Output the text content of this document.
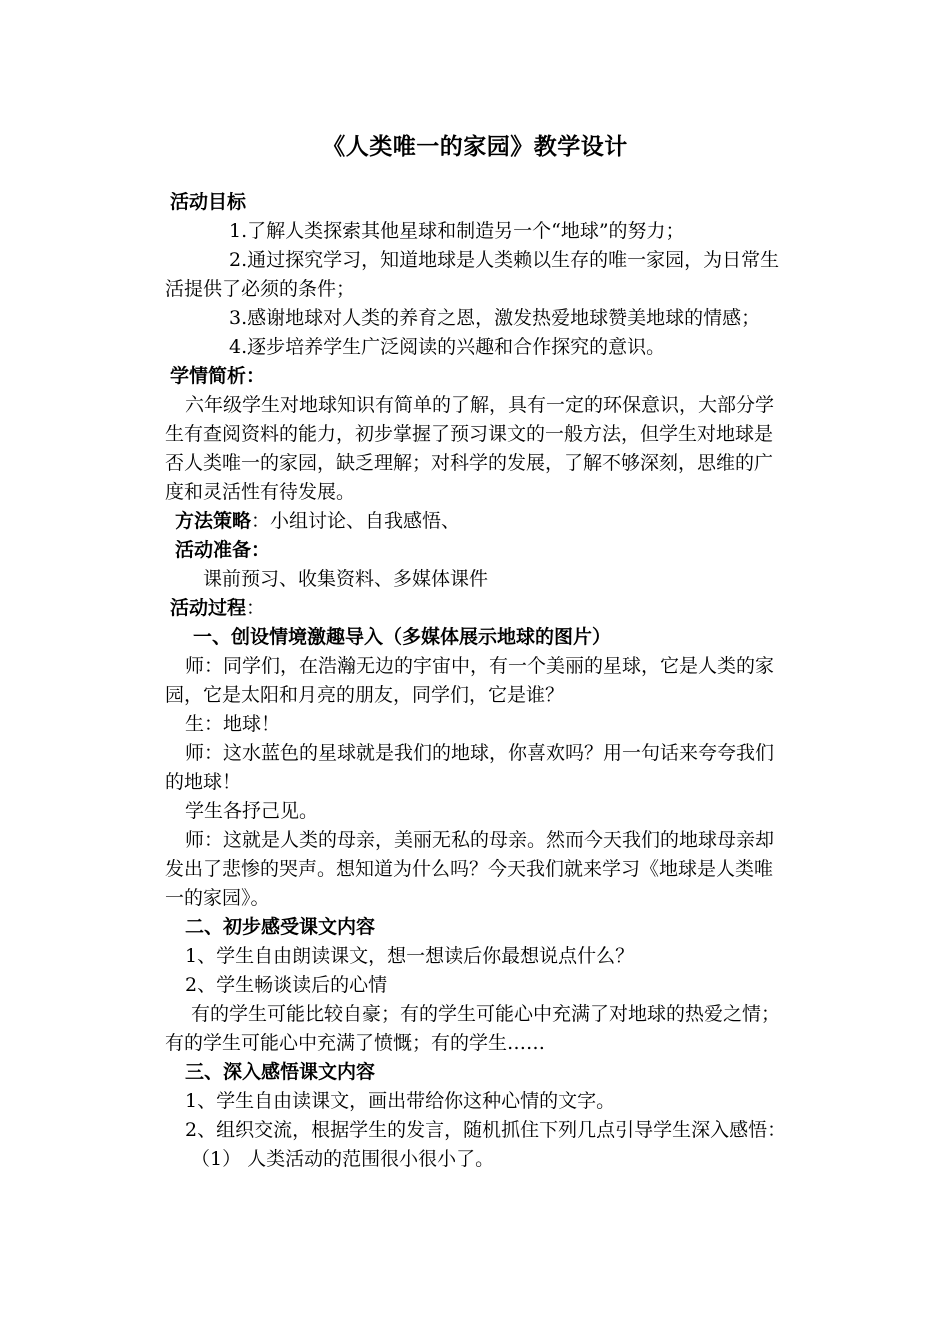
《人类唯一的家园》教学设计

活动目标

1.了解人类探索其他星球和制造另一个“地球”的努力；

2.通过探究学习，知道地球是人类赖以生存的唯一家园，为日常生活提供了必须的条件；

3.感谢地球对人类的养育之恩，激发热爱地球赞美地球的情感；

4.逐步培养学生广泛阅读的兴趣和合作探究的意识。

学情简析：

六年级学生对地球知识有简单的了解，具有一定的环保意识，大部分学生有查阅资料的能力，初步掌握了预习课文的一般方法，但学生对地球是否人类唯一的家园，缺乏理解；对科学的发展，了解不够深刻，思维的广度和灵活性有待发展。

方法策略：小组讨论、自我感悟、

活动准备：

课前预习、收集资料、多媒体课件

活动过程：

一、创设情境激趣导入（多媒体展示地球的图片）

师：同学们，在浩瀚无边的宇宙中，有一个美丽的星球，它是人类的家园，它是太阳和月亮的朋友，同学们，它是谁？

生：地球！

师：这水蓝色的星球就是我们的地球，你喜欢吗？用一句话来夸夸我们的地球！

学生各抒己见。

师：这就是人类的母亲，美丽无私的母亲。然而今天我们的地球母亲却发出了悲惨的哭声。想知道为什么吗？今天我们就来学习《地球是人类唯一的家园》。

二、初步感受课文内容

1、学生自由朗读课文，想一想读后你最想说点什么？

2、学生畅谈读后的心情

有的学生可能比较自豪；有的学生可能心中充满了对地球的热爱之情；有的学生可能心中充满了愤慨；有的学生……

三、深入感悟课文内容

1、学生自由读课文，画出带给你这种心情的文字。

2、组织交流，根据学生的发言，随机抓住下列几点引导学生深入感悟：

（1） 人类活动的范围很小很小了。
